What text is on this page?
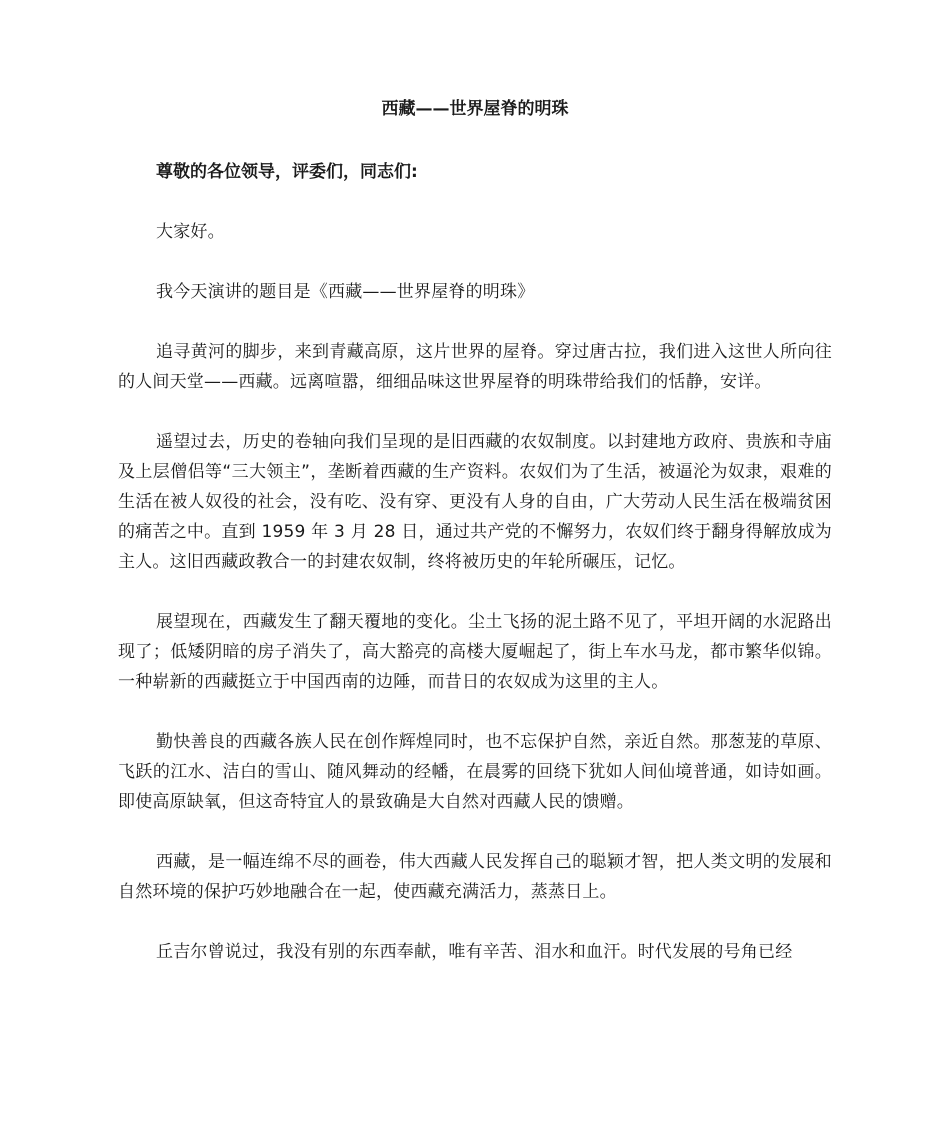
西藏——世界屋脊的明珠
尊敬的各位领导，评委们，同志们:

大家好。

我今天演讲的题目是《西藏——世界屋脊的明珠》

追寻黄河的脚步，来到青藏高原，这片世界的屋脊。穿过唐古拉，我们进入这世人所向往的人间天堂——西藏。远离喧嚣，细细品味这世界屋脊的明珠带给我们的恬静，安详。

遥望过去，历史的卷轴向我们呈现的是旧西藏的农奴制度。以封建地方政府、贵族和寺庙及上层僧侣等“三大领主”，垄断着西藏的生产资料。农奴们为了生活，被逼沦为奴隶，艰难的生活在被人奴役的社会，没有吃、没有穿、更没有人身的自由，广大劳动人民生活在极端贫困的痛苦之中。直到 1959 年 3 月 28 日，通过共产党的不懈努力，农奴们终于翻身得解放成为主人。这旧西藏政教合一的封建农奴制，终将被历史的年轮所碾压，记忆。

展望现在，西藏发生了翻天覆地的变化。尘土飞扬的泥土路不见了，平坦开阔的水泥路出现了；低矮阴暗的房子消失了，高大豁亮的高楼大厦崛起了，街上车水马龙，都市繁华似锦。一种崭新的西藏挺立于中国西南的边陲，而昔日的农奴成为这里的主人。

勤快善良的西藏各族人民在创作辉煌同时，也不忘保护自然，亲近自然。那葱茏的草原、飞跃的江水、洁白的雪山、随风舞动的经幡，在晨雾的回绕下犹如人间仙境普通，如诗如画。即使高原缺氧，但这奇特宜人的景致确是大自然对西藏人民的馈赠。

西藏，是一幅连绵不尽的画卷，伟大西藏人民发挥自己的聪颖才智，把人类文明的发展和自然环境的保护巧妙地融合在一起，使西藏充满活力，蒸蒸日上。

丘吉尔曾说过，我没有别的东西奉献，唯有辛苦、泪水和血汗。时代发展的号角已经
